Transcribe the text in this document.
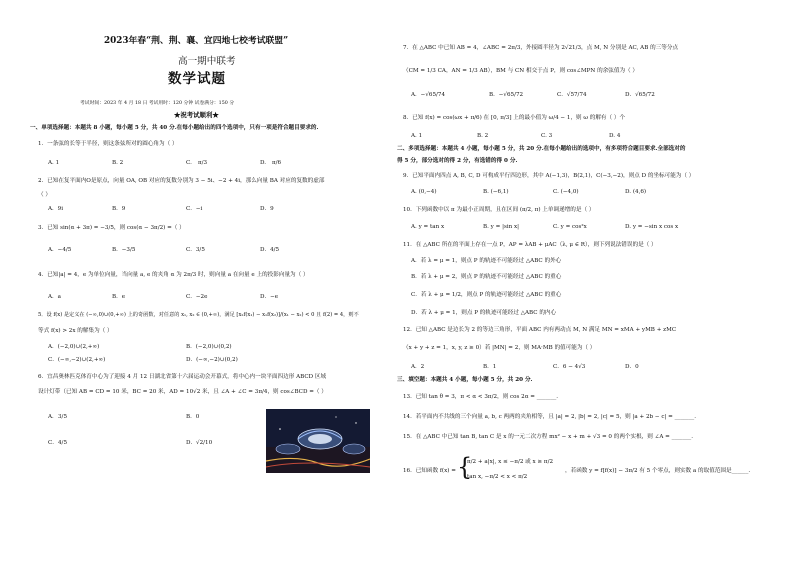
2023年春“荆、荆、襄、宜四地七校考试联盟”
高一期中联考
数学试题
考试时间：2023 年 4 月 18 日 考试用时：120 分钟 试卷满分：150 分
★祝考试顺利★
一、单项选择题：本题共 8 小题，每小题 5 分，共 40 分.在每小题给出的四个选项中，只有一项是符合题目要求的.
1．一条弦的长等于半径，则这条弦所对的圆心角为（ ）
A. 1	B. 2	C. π/3	D. π/6
2．已知在复平面内O是原点，向量 OA, OB 对应的复数分别为 3 − 5i、−2 + 4i，那么向量 BA 对应的复数的虚部
（ ）
A．9i	B．9	C．−i	D．9
3．已知 sin(α + 3π) = −3/5，则 cos(α − 3π/2) =（ ）
A．−4/5	B．−3/5	C．3/5	D．4/5
4．已知|a| = 4，e 为单位向量，当向量 a, e 的夹角 α 为 2π/3 时，则向量 a 在向量 e 上的投影向量为（ ）
A．a	B．e	C．−2e	D．−e
5．设 f(x) 是定义在 (−∞,0)∪(0,+∞) 上的奇函数，对任意的 x₁, x₂ ∈ (0,+∞)，满足 [x₂f(x₁) − x₁f(x₂)]/(x₁ − x₂) < 0 且 f(2) = 4，则不
等式 f(x) > 2x 的解集为（ ）
A．(−2,0)∪(2,+∞)	B．(−2,0)∪(0,2)
C．(−∞,−2)∪(2,+∞)	D．(−∞,−2)∪(0,2)
6．宜昌奥林匹克体育中心为了迎接 4 月 12 日湖北省第十六届运动会开幕式，将中心内一块平面四边形 ABCD 区域
设计灯带（已知 AB = CD = 10 米，BC = 20 米，AD = 10√2 米，且 ∠A + ∠C = 3π/4，则 cos∠BCD =（ ）
A． 3/5	B．0
C． 4/5	D． √2/10
7．在 △ABC 中已知 AB = 4，∠ABC = 2π/3，外接圆半径为 2√21/3，点 M, N 分别是 AC, AB 的三等分点
（CM = 1/3 CA，AN = 1/3 AB），BM 与 CN 相交于点 P，则 cos∠MPN 的余弦值为（ ）
A．−√65/74	B．−√65/72	C．√57/74	D．√65/72
8．已知 f(x) = cos(ωx + π/6) 在 [0, π/3] 上的最小值为 ω/4 − 1，则 ω 的解有（ ）个
A. 1	B. 2	C. 3	D. 4
二、多项选择题：本题共 4 小题，每小题 5 分，共 20 分.在每小题给出的选项中，有多项符合题目要求.全部选对的
得 5 分，部分选对的得 2 分，有选错的得 0 分.
9．已知平面内四点 A, B, C, D 可构成平行四边形，其中 A(−1,3)，B(2,1)，C(−3,−2)，则点 D 的坐标可能为（ ）
A. (0,−4)	B. (−6,1)	C. (−4,0)	D. (4,6)
10．下列函数中以 π 为最小正周期，且在区间 (π/2, π) 上单调递增的是（ ）
A. y = tan x	B. y = |sin x|	C. y = cos²x	D. y = −sin x cos x
11．在 △ABC 所在的平面上存在一点 P，AP = λAB + μAC（λ, μ ∈ R），则下列说法错误的是（ ）
A．若 λ = μ = 1，则点 P 的轨迹不可能经过 △ABC 的外心
B．若 λ + μ = 2，则点 P 的轨迹不可能经过 △ABC 的重心
C．若 λ + μ = 1/2，则点 P 的轨迹可能经过 △ABC 的重心
D．若 λ + μ = 1，则点 P 的轨迹可能经过 △ABC 的内心
12．已知 △ABC 是边长为 2 的等边三角形，平面 ABC 内有两动点 M, N 满足 MN = xMA + yMB + zMC
（x + y + z = 1，x, y, z ≥ 0）若 |MN| = 2，则 MA·MB 的值可能为（ ）
A．2	B．1	C．6 − 4√3	D．0
三、填空题：本题共 4 小题，每小题 5 分，共 20 分.
13．已知 tan θ = 3，π < α < 3π/2，则 cos 2α = _______.
14．若平面内不共线的三个向量 a, b, c 两两的夹角相等，且 |a| = 2, |b| = 2, |c| = 5，则 |a + 2b − c| = _______.
15．在 △ABC 中已知 tan B, tan C 是 x 的一元二次方程 mx² − x + m + √3 = 0 的两个实根，则 ∠A = _______.
16．已知函数 f(x) = {
π/2 + a|x|, x ≤ −π/2 或 x ≥ π/2
tan x, −π/2 < x < π/2
，若函数 y = f[f(x)] − 3π/2 有 5 个零点，则实数 a 的取值范围是______.
